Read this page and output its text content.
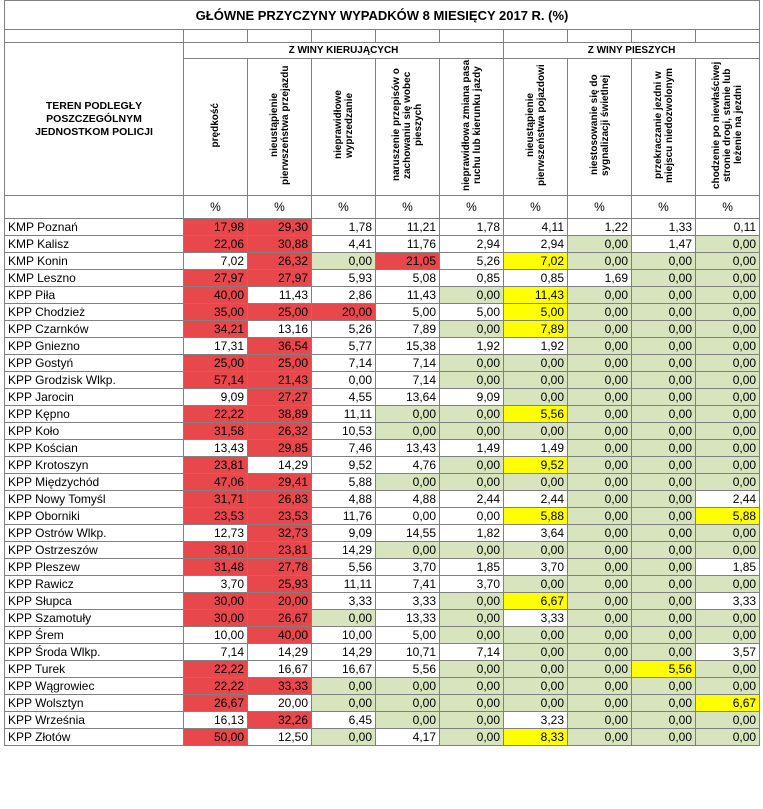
GŁÓWNE PRZYCZYNY WYPADKÓW 8 MIESIĘCY 2017 R. (%)									

TEREN PODLEGŁY POSZCZEGÓLNYM JEDNOSTKOM POLICJI	Z WINY KIERUJĄCYCH					Z WINY PIESZYCH			
	prędkość	nieustąpienie pierwszeństwa przejazdu	nieprawidłowe wyprzedzanie	naruszenie przepisów o zachowaniu się wobec pieszych	nieprawidłowa zmiana pasa ruchu lub kierunku jazdy	nieustąpienie pierwszeństwa pojazdowi	niestosowanie się do sygnalizacji świetlnej	przekraczanie jezdni w miejscu niedozwolonym	chodzenie po niewłaściwej stronie drogi, stanie lub leżenie na jezdni
	%	%	%	%	%	%	%	%	%
KMP Poznań	17,98	29,30	1,78	11,21	1,78	4,11	1,22	1,33	0,11
KMP Kalisz	22,06	30,88	4,41	11,76	2,94	2,94	0,00	1,47	0,00
KMP Konin	7,02	26,32	0,00	21,05	5,26	7,02	0,00	0,00	0,00
KMP Leszno	27,97	27,97	5,93	5,08	0,85	0,85	1,69	0,00	0,00
KPP Piła	40,00	11,43	2,86	11,43	0,00	11,43	0,00	0,00	0,00
KPP Chodzież	35,00	25,00	20,00	5,00	5,00	5,00	0,00	0,00	0,00
KPP Czarnków	34,21	13,16	5,26	7,89	0,00	7,89	0,00	0,00	0,00
KPP Gniezno	17,31	36,54	5,77	15,38	1,92	1,92	0,00	0,00	0,00
KPP Gostyń	25,00	25,00	7,14	7,14	0,00	0,00	0,00	0,00	0,00
KPP Grodzisk Wlkp.	57,14	21,43	0,00	7,14	0,00	0,00	0,00	0,00	0,00
KPP Jarocin	9,09	27,27	4,55	13,64	9,09	0,00	0,00	0,00	0,00
KPP Kępno	22,22	38,89	11,11	0,00	0,00	5,56	0,00	0,00	0,00
KPP Koło	31,58	26,32	10,53	0,00	0,00	0,00	0,00	0,00	0,00
KPP Kościan	13,43	29,85	7,46	13,43	1,49	1,49	0,00	0,00	0,00
KPP Krotoszyn	23,81	14,29	9,52	4,76	0,00	9,52	0,00	0,00	0,00
KPP Międzychód	47,06	29,41	5,88	0,00	0,00	0,00	0,00	0,00	0,00
KPP Nowy Tomyśl	31,71	26,83	4,88	4,88	2,44	2,44	0,00	0,00	2,44
KPP Oborniki	23,53	23,53	11,76	0,00	0,00	5,88	0,00	0,00	5,88
KPP Ostrów Wlkp.	12,73	32,73	9,09	14,55	1,82	3,64	0,00	0,00	0,00
KPP Ostrzeszów	38,10	23,81	14,29	0,00	0,00	0,00	0,00	0,00	0,00
KPP Pleszew	31,48	27,78	5,56	3,70	1,85	3,70	0,00	0,00	1,85
KPP Rawicz	3,70	25,93	11,11	7,41	3,70	0,00	0,00	0,00	0,00
KPP Słupca	30,00	20,00	3,33	3,33	0,00	6,67	0,00	0,00	3,33
KPP Szamotuły	30,00	26,67	0,00	13,33	0,00	3,33	0,00	0,00	0,00
KPP Śrem	10,00	40,00	10,00	5,00	0,00	0,00	0,00	0,00	0,00
KPP Środa Wlkp.	7,14	14,29	14,29	10,71	7,14	0,00	0,00	0,00	3,57
KPP Turek	22,22	16,67	16,67	5,56	0,00	0,00	0,00	5,56	0,00
KPP Wągrowiec	22,22	33,33	0,00	0,00	0,00	0,00	0,00	0,00	0,00
KPP Wolsztyn	26,67	20,00	0,00	0,00	0,00	0,00	0,00	0,00	6,67
KPP Września	16,13	32,26	6,45	0,00	0,00	3,23	0,00	0,00	0,00
KPP Złotów	50,00	12,50	0,00	4,17	0,00	8,33	0,00	0,00	0,00
